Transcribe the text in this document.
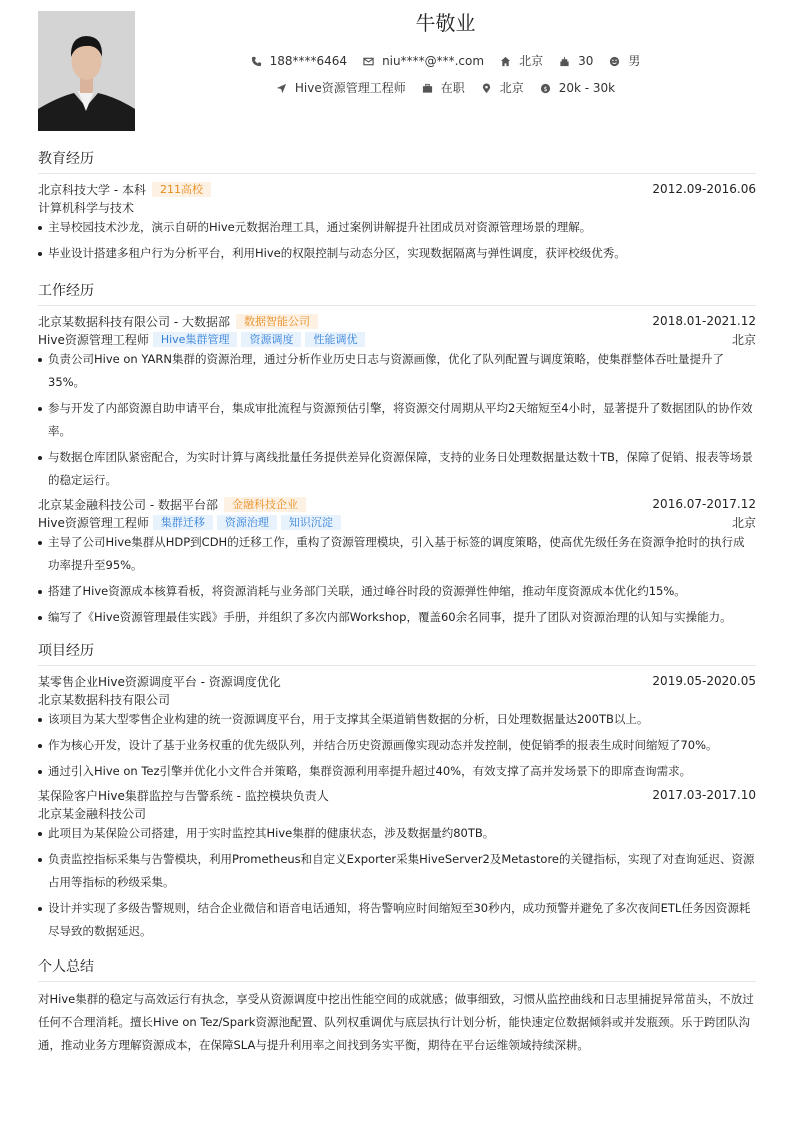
牛敬业
188****6464	niu****@***.com	北京	30	男
Hive资源管理工程师	在职	北京	$ 20k - 30k
教育经历
北京科技大学 - 本科	211高校	2012.09-2016.06
计算机科学与技术
主导校园技术沙龙，演示自研的Hive元数据治理工具，通过案例讲解提升社团成员对资源管理场景的理解。
毕业设计搭建多租户行为分析平台，利用Hive的权限控制与动态分区，实现数据隔离与弹性调度，获评校级优秀。
工作经历
北京某数据科技有限公司 - 大数据部	数据智能公司	2018.01-2021.12
Hive资源管理工程师	Hive集群管理	资源调度	性能调优	北京
负责公司Hive on YARN集群的资源治理，通过分析作业历史日志与资源画像，优化了队列配置与调度策略，使集群整体吞吐量提升了35%。
参与开发了内部资源自助申请平台，集成审批流程与资源预估引擎，将资源交付周期从平均2天缩短至4小时，显著提升了数据团队的协作效率。
与数据仓库团队紧密配合，为实时计算与离线批量任务提供差异化资源保障，支持的业务日处理数据量达数十TB，保障了促销、报表等场景的稳定运行。
北京某金融科技公司 - 数据平台部	金融科技企业	2016.07-2017.12
Hive资源管理工程师	集群迁移	资源治理	知识沉淀	北京
主导了公司Hive集群从HDP到CDH的迁移工作，重构了资源管理模块，引入基于标签的调度策略，使高优先级任务在资源争抢时的执行成功率提升至95%。
搭建了Hive资源成本核算看板，将资源消耗与业务部门关联，通过峰谷时段的资源弹性伸缩，推动年度资源成本优化约15%。
编写了《Hive资源管理最佳实践》手册，并组织了多次内部Workshop，覆盖60余名同事，提升了团队对资源治理的认知与实操能力。
项目经历
某零售企业Hive资源调度平台 - 资源调度优化	2019.05-2020.05
北京某数据科技有限公司
该项目为某大型零售企业构建的统一资源调度平台，用于支撑其全渠道销售数据的分析，日处理数据量达200TB以上。
作为核心开发，设计了基于业务权重的优先级队列，并结合历史资源画像实现动态并发控制，使促销季的报表生成时间缩短了70%。
通过引入Hive on Tez引擎并优化小文件合并策略，集群资源利用率提升超过40%，有效支撑了高并发场景下的即席查询需求。
某保险客户Hive集群监控与告警系统 - 监控模块负责人	2017.03-2017.10
北京某金融科技公司
此项目为某保险公司搭建，用于实时监控其Hive集群的健康状态，涉及数据量约80TB。
负责监控指标采集与告警模块，利用Prometheus和自定义Exporter采集HiveServer2及Metastore的关键指标，实现了对查询延迟、资源占用等指标的秒级采集。
设计并实现了多级告警规则，结合企业微信和语音电话通知，将告警响应时间缩短至30秒内，成功预警并避免了多次夜间ETL任务因资源耗尽导致的数据延迟。
个人总结
对Hive集群的稳定与高效运行有执念，享受从资源调度中挖出性能空间的成就感；做事细致，习惯从监控曲线和日志里捕捉异常苗头，不放过任何不合理消耗。擅长Hive on Tez/Spark资源池配置、队列权重调优与底层执行计划分析，能快速定位数据倾斜或并发瓶颈。乐于跨团队沟通，推动业务方理解资源成本，在保障SLA与提升利用率之间找到务实平衡，期待在平台运维领域持续深耕。
